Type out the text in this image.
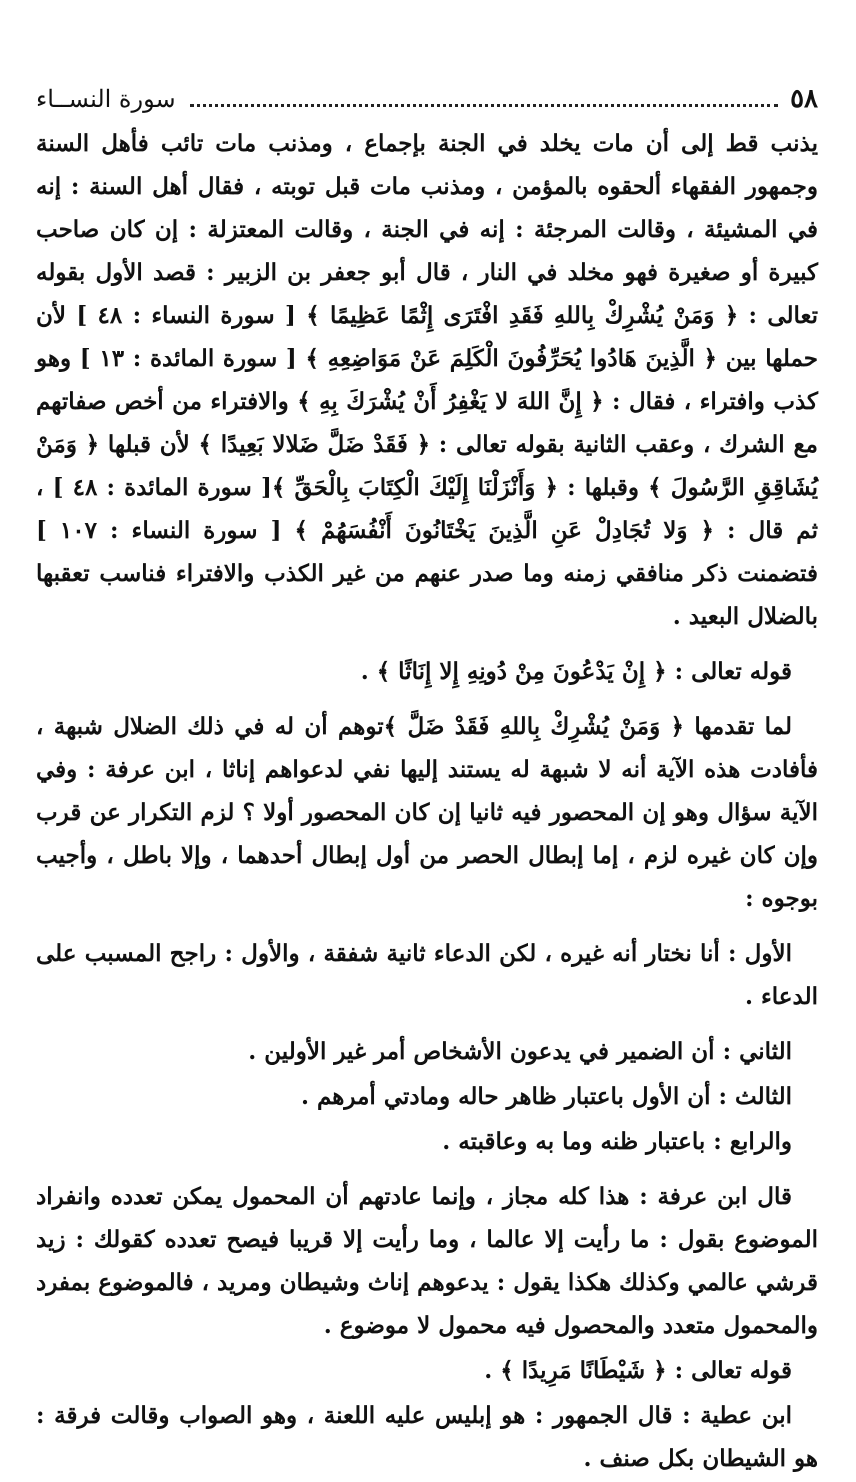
٥٨
سورة النســاء

يذنب قط إلى أن مات يخلد في الجنة بإجماع ، ومذنب مات تائب فأهل السنة وجمهور الفقهاء ألحقوه بالمؤمن ، ومذنب مات قبل توبته ، فقال أهل السنة : إنه في المشيئة ، وقالت المرجئة : إنه في الجنة ، وقالت المعتزلة : إن كان صاحب كبيرة أو صغيرة فهو مخلد في النار ، قال أبو جعفر بن الزبير : قصد الأول بقوله تعالى : ﴿ وَمَنْ يُشْرِكْ بِاللهِ فَقَدِ افْتَرَى إِثْمًا عَظِيمًا ﴾ [ سورة النساء : ٤٨ ] لأن حملها بين ﴿ الَّذِينَ هَادُوا يُحَرِّفُونَ الْكَلِمَ عَنْ مَوَاضِعِهِ ﴾ [ سورة المائدة : ١٣ ] وهو كذب وافتراء ، فقال : ﴿ إِنَّ اللهَ لا يَغْفِرُ أَنْ يُشْرَكَ بِهِ ﴾ والافتراء من أخص صفاتهم مع الشرك ، وعقب الثانية بقوله تعالى : ﴿ فَقَدْ ضَلَّ ضَلالا بَعِيدًا ﴾ لأن قبلها ﴿ وَمَنْ يُشَاقِقِ الرَّسُولَ ﴾ وقبلها : ﴿ وَأَنْزَلْنَا إِلَيْكَ الْكِتَابَ بِالْحَقِّ ﴾[ سورة المائدة : ٤٨ ] ، ثم قال : ﴿ وَلا تُجَادِلْ عَنِ الَّذِينَ يَخْتَانُونَ أَنْفُسَهُمْ ﴾ [ سورة النساء : ١٠٧ ] فتضمنت ذكر منافقي زمنه وما صدر عنهم من غير الكذب والافتراء فناسب تعقبها بالضلال البعيد .

قوله تعالى : ﴿ إِنْ يَدْعُونَ مِنْ دُونِهِ إِلا إِنَاثًا ﴾ .

لما تقدمها ﴿ وَمَنْ يُشْرِكْ بِاللهِ فَقَدْ ضَلَّ ﴾توهم أن له في ذلك الضلال شبهة ، فأفادت هذه الآية أنه لا شبهة له يستند إليها نفي لدعواهم إناثا ، ابن عرفة : وفي الآية سؤال وهو إن المحصور فيه ثانيا إن كان المحصور أولا ؟ لزم التكرار عن قرب وإن كان غيره لزم ، إما إبطال الحصر من أول إبطال أحدهما ، وإلا باطل ، وأجيب بوجوه :

الأول : أنا نختار أنه غيره ، لكن الدعاء ثانية شفقة ، والأول : راجح المسبب على الدعاء .

الثاني : أن الضمير في يدعون الأشخاص أمر غير الأولين .

الثالث : أن الأول باعتبار ظاهر حاله ومادتي أمرهم .

والرابع : باعتبار ظنه وما به وعاقبته .

قال ابن عرفة : هذا كله مجاز ، وإنما عادتهم أن المحمول يمكن تعدده وانفراد الموضوع بقول : ما رأيت إلا عالما ، وما رأيت إلا قريبا فيصح تعدده كقولك : زيد قرشي عالمي وكذلك هكذا يقول : يدعوهم إناث وشيطان ومريد ، فالموضوع بمفرد والمحمول متعدد والمحصول فيه محمول لا موضوع .

قوله تعالى : ﴿ شَيْطَانًا مَرِيدًا ﴾ .

ابن عطية : قال الجمهور : هو إبليس عليه اللعنة ، وهو الصواب وقالت فرقة : هو الشيطان بكل صنف .
